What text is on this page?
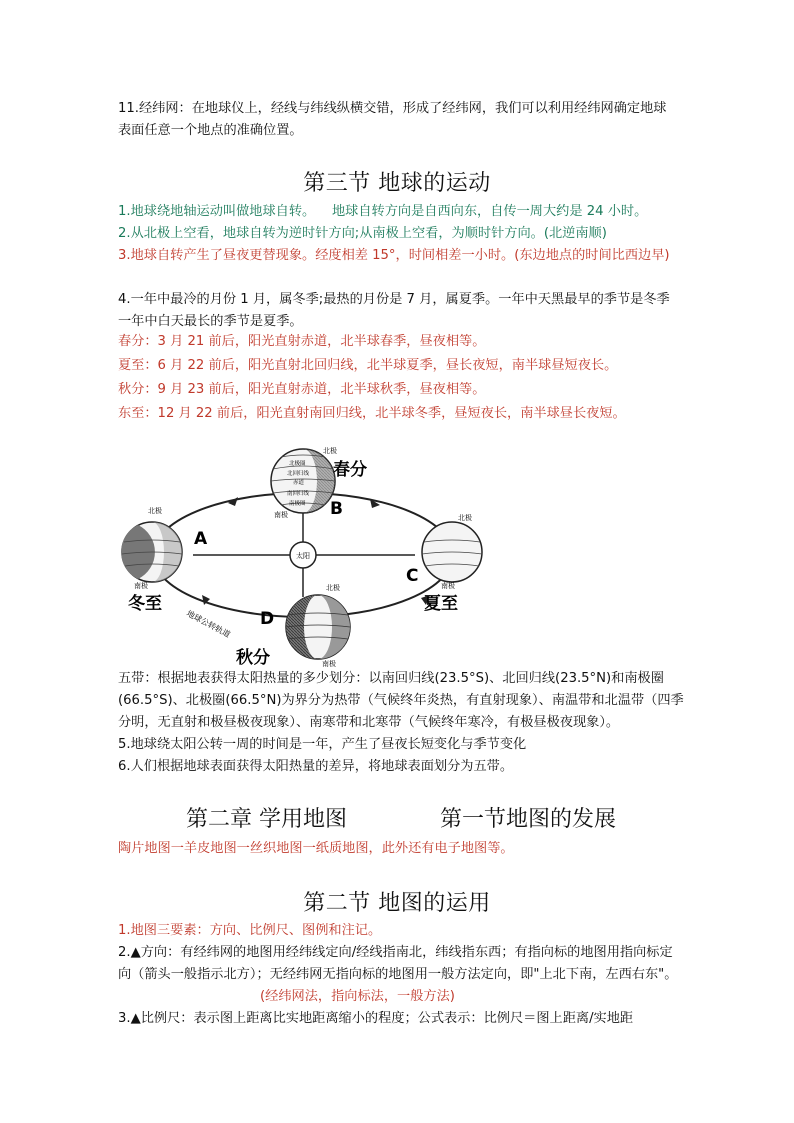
11.经纬网：在地球仪上，经线与纬线纵横交错，形成了经纬网，我们可以利用经纬网确定地球表面任意一个地点的准确位置。
第三节 地球的运动
1.地球绕地轴运动叫做地球自转。 地球自转方向是自西向东，自传一周大约是 24 小时。
2.从北极上空看，地球自转为逆时针方向;从南极上空看，为顺时针方向。(北逆南顺)
3.地球自转产生了昼夜更替现象。经度相差 15°，时间相差一小时。(东边地点的时间比西边早)
4.一年中最冷的月份 1 月，属冬季;最热的月份是 7 月，属夏季。一年中天黑最早的季节是冬季一年中白天最长的季节是夏季。
春分：3 月 21 前后，阳光直射赤道，北半球春季，昼夜相等。
夏至：6 月 22 前后，阳光直射北回归线，北半球夏季，昼长夜短，南半球昼短夜长。
秋分：9 月 23 前后，阳光直射赤道，北半球秋季，昼夜相等。
东至：12 月 22 前后，阳光直射南回归线，北半球冬季，昼短夜长，南半球昼长夜短。
太阳
北极圈
北回归线
赤道
南回归线
南极圈
北极
南极
春分
B
北极
南极
A
冬至
北极
南极
C
夏至
北极
南极
D
秋分
地球公转轨道
五带：根据地表获得太阳热量的多少划分：以南回归线(23.5°S)、北回归线(23.5°N)和南极圈(66.5°S)、北极圈(66.5°N)为界分为热带（气候终年炎热，有直射现象）、南温带和北温带（四季分明，无直射和极昼极夜现象）、南寒带和北寒带（气候终年寒冷，有极昼极夜现象）。
5.地球绕太阳公转一周的时间是一年，产生了昼夜长短变化与季节变化
6.人们根据地球表面获得太阳热量的差异，将地球表面划分为五带。
第二章 学用地图	第一节地图的发展
陶片地图一羊皮地图一丝织地图一纸质地图，此外还有电子地图等。
第二节 地图的运用
1.地图三要素：方向、比例尺、图例和注记。
2.▲方向：有经纬网的地图用经纬线定向/经线指南北，纬线指东西；有指向标的地图用指向标定向（箭头一般指示北方）；无经纬网无指向标的地图用一般方法定向，即"上北下南，左西右东"。
(经纬网法，指向标法，一般方法)
3.▲比例尺：表示图上距离比实地距离缩小的程度；公式表示：比例尺＝图上距离/实地距
